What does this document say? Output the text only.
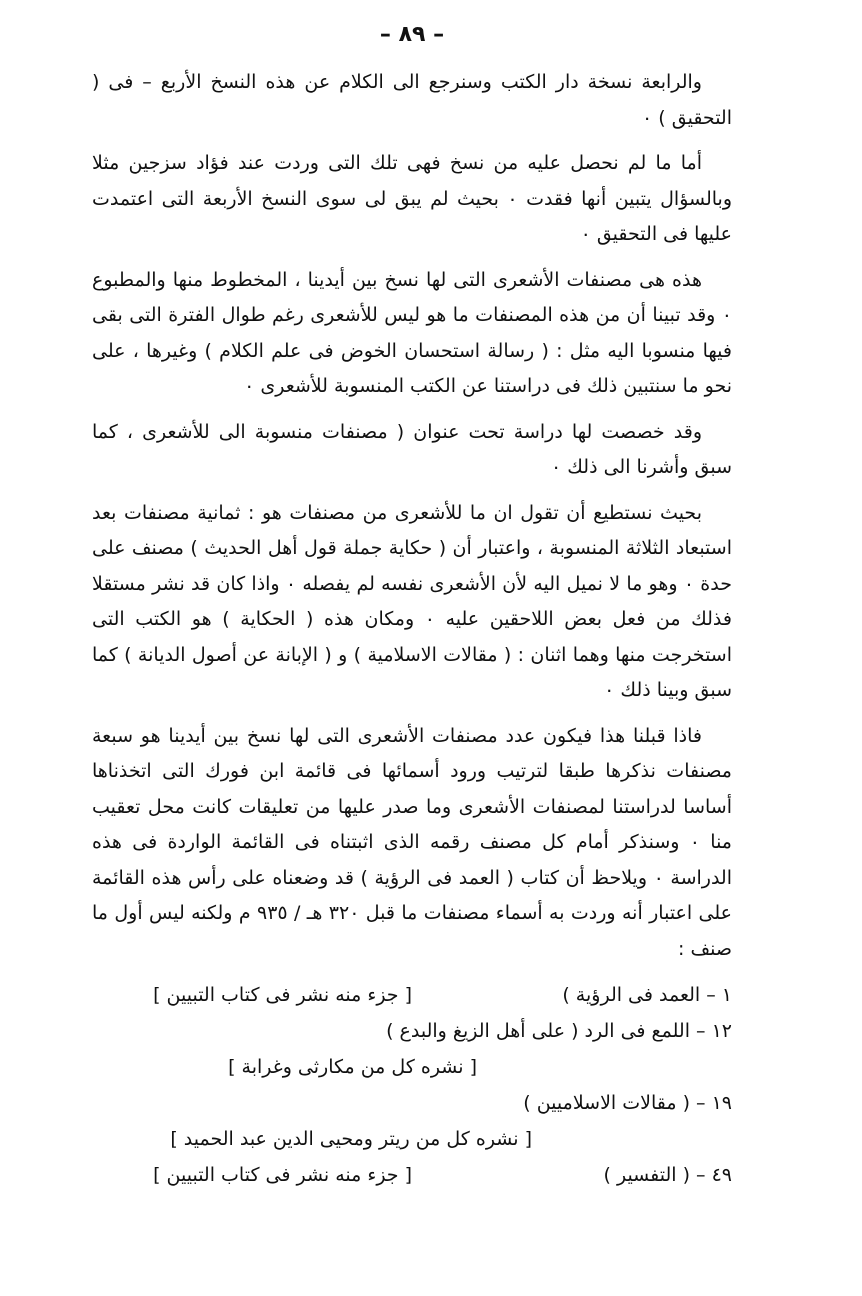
– ٨٩ –

والرابعة نسخة دار الكتب وسنرجع الى الكلام عن هذه النسخ الأربع – فى ( التحقيق ) ٠

أما ما لم نحصل عليه من نسخ فهى تلك التى وردت عند فؤاد سزجين مثلا وبالسؤال يتبين أنها فقدت ٠ بحيث لم يبق لى سوى النسخ الأربعة التى اعتمدت عليها فى التحقيق ٠

هذه هى مصنفات الأشعرى التى لها نسخ بين أيدينا ، المخطوط منها والمطبوع ٠ وقد تبينا أن من هذه المصنفات ما هو ليس للأشعرى رغم طوال الفترة التى بقى فيها منسوبا اليه مثل : ( رسالة استحسان الخوض فى علم الكلام ) وغيرها ، على نحو ما سنتبين ذلك فى دراستنا عن الكتب المنسوبة للأشعرى ٠

وقد خصصت لها دراسة تحت عنوان ( مصنفات منسوبة الى للأشعرى ، كما سبق وأشرنا الى ذلك ٠

بحيث نستطيع أن تقول ان ما للأشعرى من مصنفات هو : ثمانية مصنفات بعد استبعاد الثلاثة المنسوبة ، واعتبار أن ( حكاية جملة قول أهل الحديث ) مصنف على حدة ٠ وهو ما لا نميل اليه لأن الأشعرى نفسه لم يفصله ٠ واذا كان قد نشر مستقلا فذلك من فعل بعض اللاحقين عليه ٠ ومكان هذه ( الحكاية ) هو الكتب التى استخرجت منها وهما اثنان : ( مقالات الاسلامية ) و ( الإبانة عن أصول الديانة ) كما سبق وبينا ذلك ٠

فاذا قبلنا هذا فيكون عدد مصنفات الأشعرى التى لها نسخ بين أيدينا هو سبعة مصنفات نذكرها طبقا لترتيب ورود أسمائها فى قائمة ابن فورك التى اتخذناها أساسا لدراستنا لمصنفات الأشعرى وما صدر عليها من تعليقات كانت محل تعقيب منا ٠ وسنذكر أمام كل مصنف رقمه الذى اثبتناه فى القائمة الواردة فى هذه الدراسة ٠ ويلاحظ أن كتاب ( العمد فى الرؤية ) قد وضعناه على رأس هذه القائمة على اعتبار أنه وردت به أسماء مصنفات ما قبل ٣٢٠ هـ / ٩٣٥ م ولكنه ليس أول ما صنف :

١ – العمد فى الرؤية )
[ جزء منه نشر فى كتاب التبيين ]
١٢ – اللمع فى الرد ( على أهل الزيغ والبدع )
[ نشره كل من مكارثى وغرابة ]
١٩ – ( مقالات الاسلاميين )
[ نشره كل من ريتر ومحيى الدين عبد الحميد ]
٤٩ – ( التفسير )
[ جزء منه نشر فى كتاب التبيين ]
